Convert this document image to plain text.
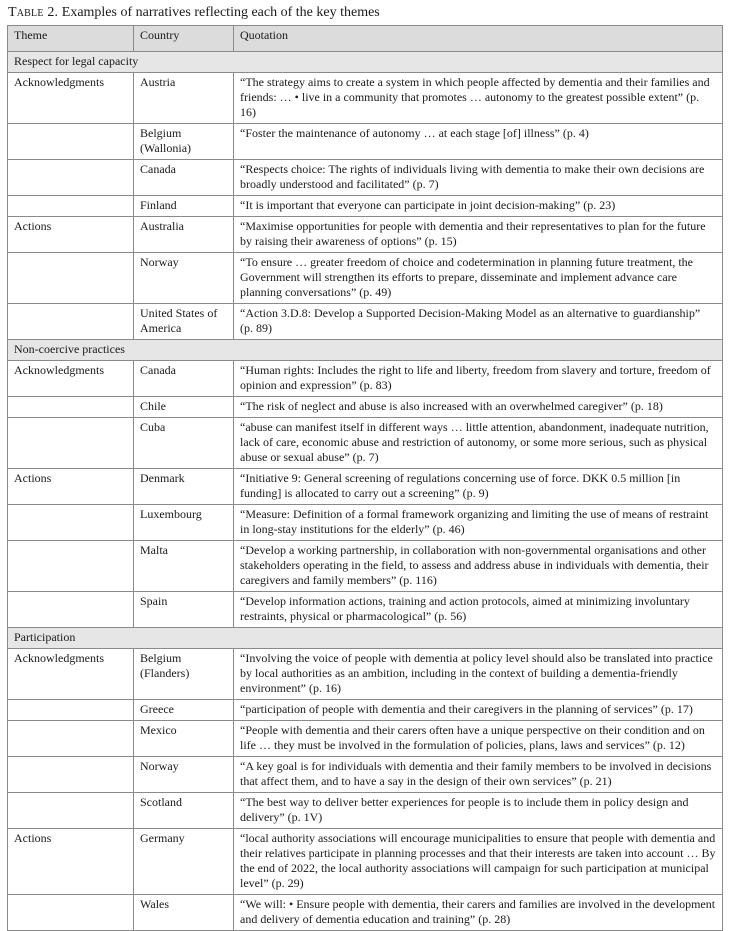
Table 2. Examples of narratives reflecting each of the key themes
Theme	Country	Quotation
Respect for legal capacity		
Acknowledgments	Austria	“The strategy aims to create a system in which people affected by dementia and their families and friends: … • live in a community that promotes … autonomy to the greatest possible extent” (p. 16)
	Belgium (Wallonia)	“Foster the maintenance of autonomy … at each stage [of] illness” (p. 4)
	Canada	“Respects choice: The rights of individuals living with dementia to make their own decisions are broadly understood and facilitated” (p. 7)
	Finland	“It is important that everyone can participate in joint decision-making” (p. 23)
Actions	Australia	“Maximise opportunities for people with dementia and their representatives to plan for the future by raising their awareness of options” (p. 15)
	Norway	“To ensure … greater freedom of choice and codetermination in planning future treatment, the Government will strengthen its efforts to prepare, disseminate and implement advance care planning conversations” (p. 49)
	United States of America	“Action 3.D.8: Develop a Supported Decision-Making Model as an alternative to guardianship” (p. 89)
Non-coercive practices		
Acknowledgments	Canada	“Human rights: Includes the right to life and liberty, freedom from slavery and torture, freedom of opinion and expression” (p. 83)
	Chile	“The risk of neglect and abuse is also increased with an overwhelmed caregiver” (p. 18)
	Cuba	“abuse can manifest itself in different ways … little attention, abandonment, inadequate nutrition, lack of care, economic abuse and restriction of autonomy, or some more serious, such as physical abuse or sexual abuse” (p. 7)
Actions	Denmark	“Initiative 9: General screening of regulations concerning use of force. DKK 0.5 million [in funding] is allocated to carry out a screening” (p. 9)
	Luxembourg	“Measure: Definition of a formal framework organizing and limiting the use of means of restraint in long-stay institutions for the elderly” (p. 46)
	Malta	“Develop a working partnership, in collaboration with non-governmental organisations and other stakeholders operating in the field, to assess and address abuse in individuals with dementia, their caregivers and family members” (p. 116)
	Spain	“Develop information actions, training and action protocols, aimed at minimizing involuntary restraints, physical or pharmacological” (p. 56)
Participation		
Acknowledgments	Belgium (Flanders)	“Involving the voice of people with dementia at policy level should also be translated into practice by local authorities as an ambition, including in the context of building a dementia-friendly environment” (p. 16)
	Greece	“participation of people with dementia and their caregivers in the planning of services” (p. 17)
	Mexico	“People with dementia and their carers often have a unique perspective on their condition and on life … they must be involved in the formulation of policies, plans, laws and services” (p. 12)
	Norway	“A key goal is for individuals with dementia and their family members to be involved in decisions that affect them, and to have a say in the design of their own services” (p. 21)
	Scotland	“The best way to deliver better experiences for people is to include them in policy design and delivery” (p. 1V)
Actions	Germany	“local authority associations will encourage municipalities to ensure that people with dementia and their relatives participate in planning processes and that their interests are taken into account … By the end of 2022, the local authority associations will campaign for such participation at municipal level” (p. 29)
	Wales	“We will: • Ensure people with dementia, their carers and families are involved in the development and delivery of dementia education and training” (p. 28)
